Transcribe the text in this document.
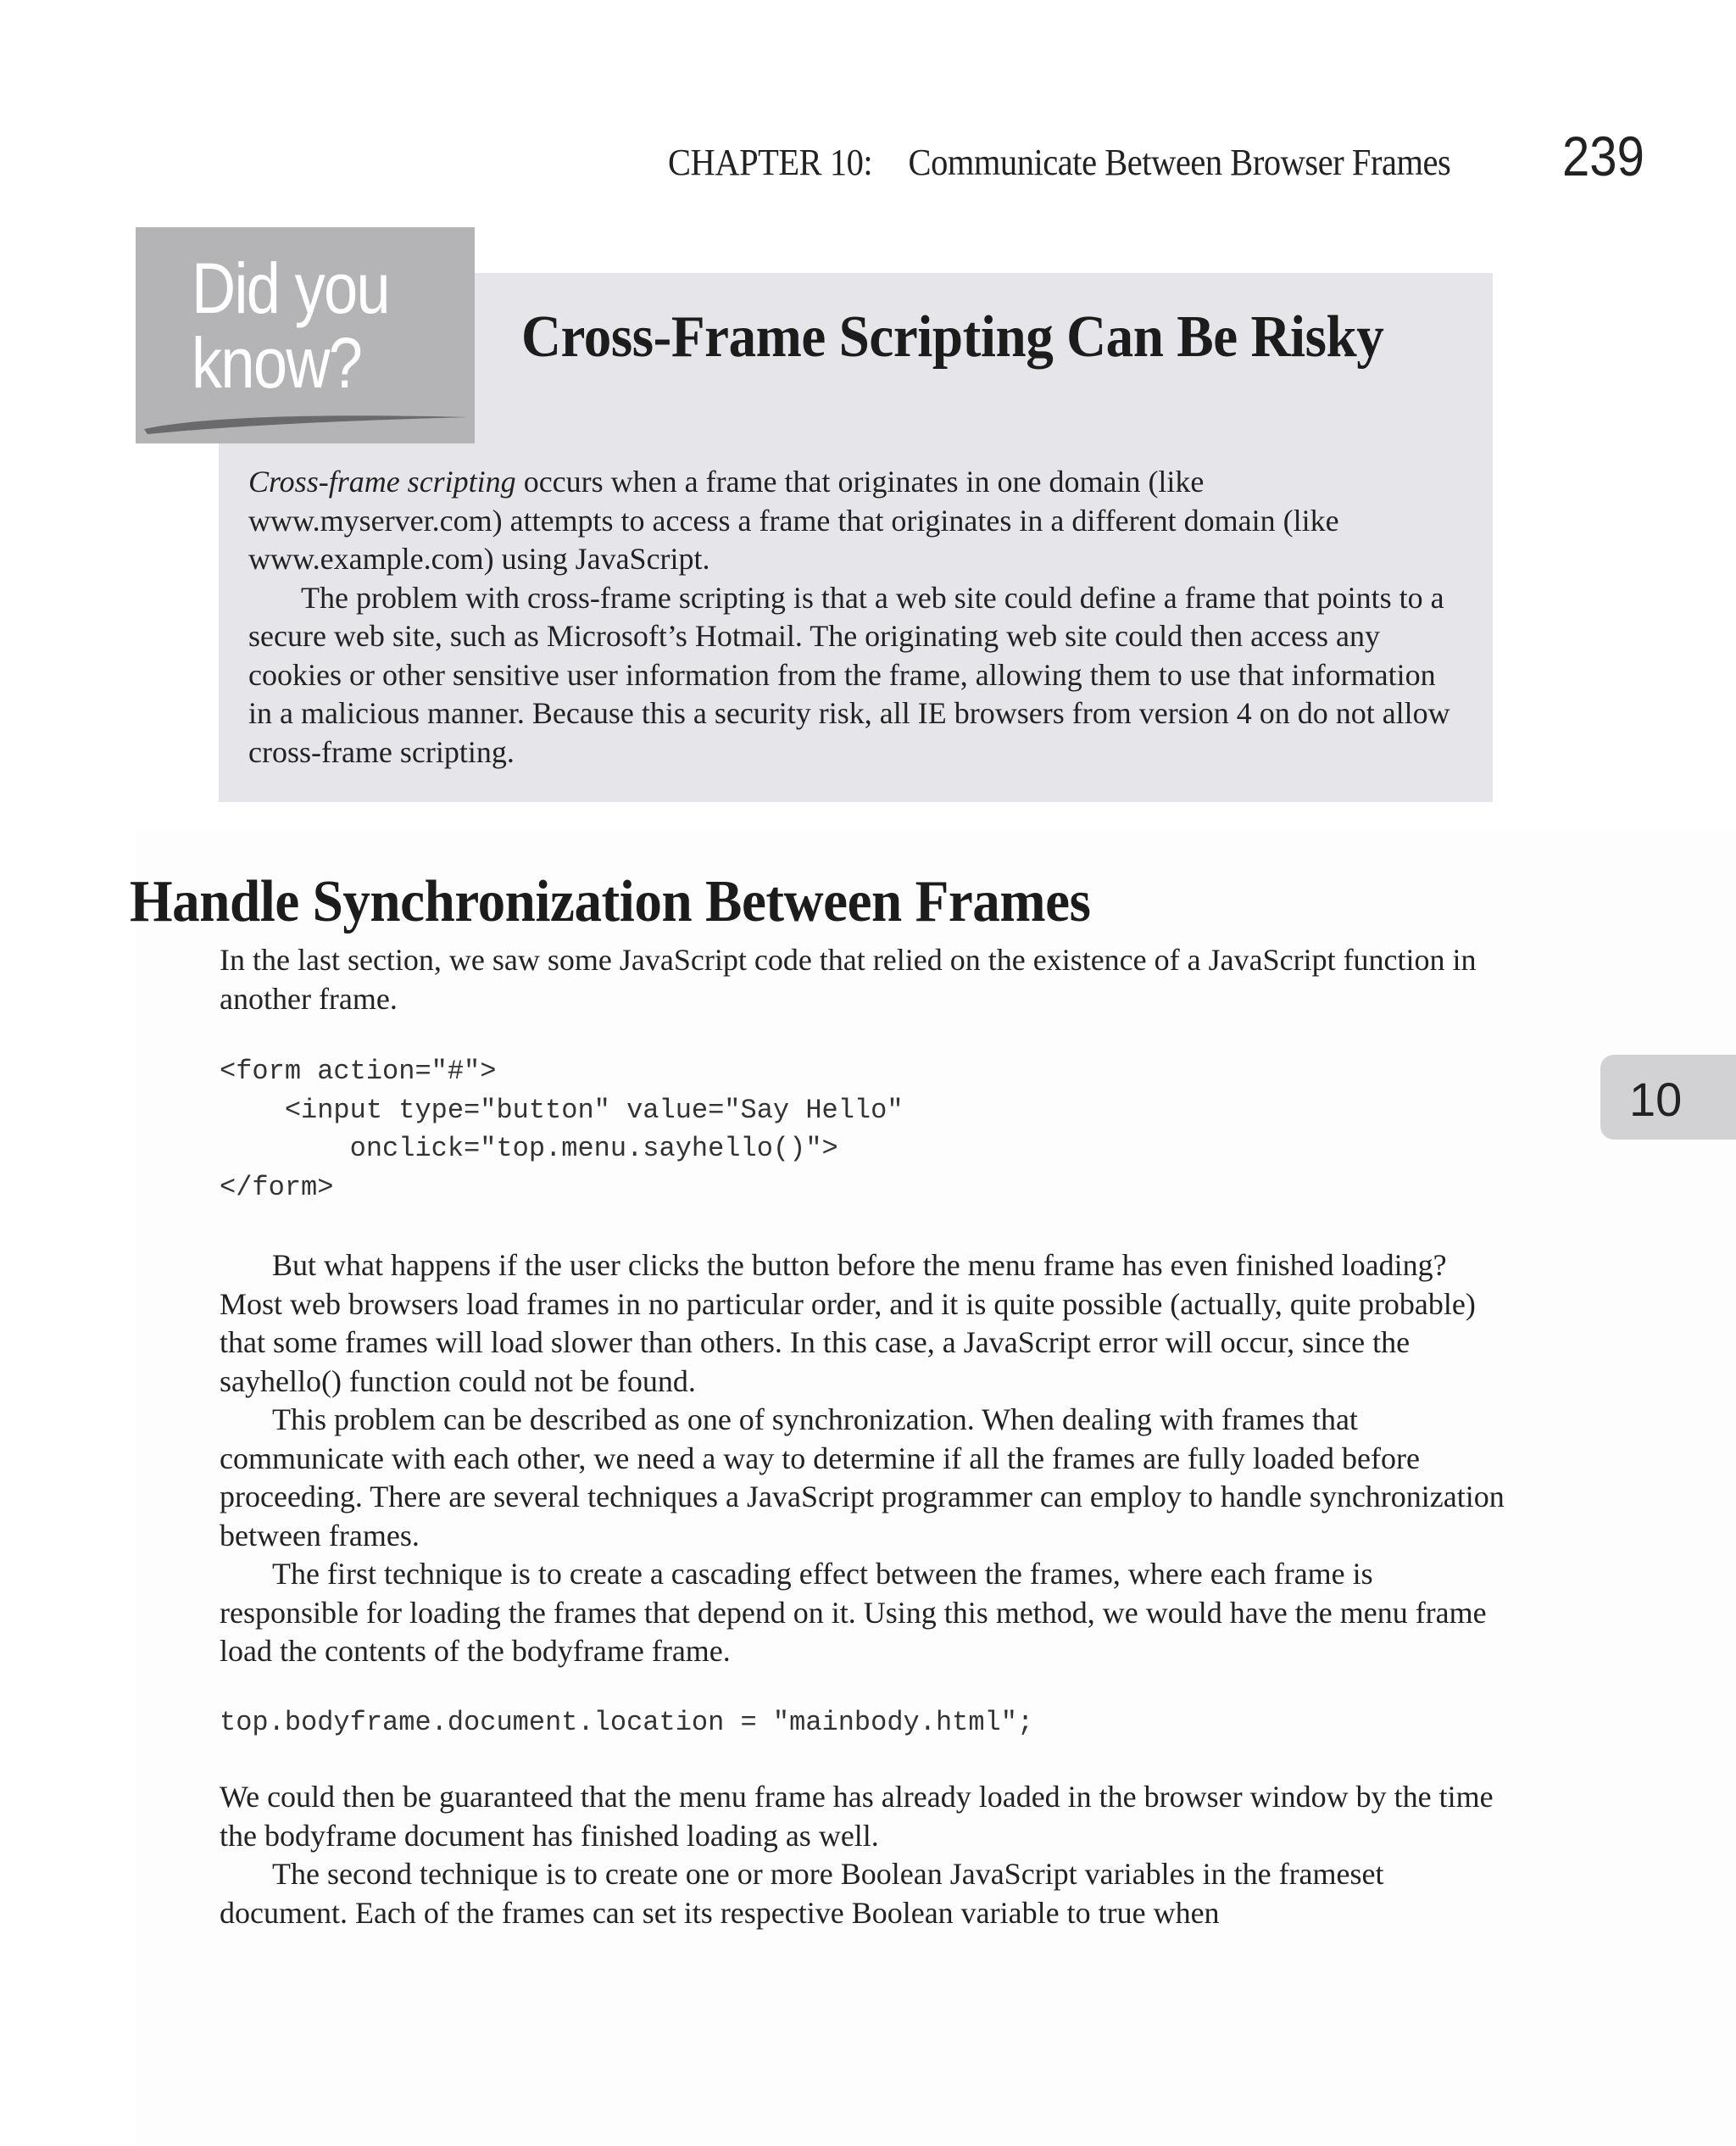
CHAPTER 10: Communicate Between Browser Frames 239
Did you
know?	Cross-Frame Scripting Can Be Risky

Cross-frame scripting occurs when a frame that originates in one domain (like www.myserver.com) attempts to access a frame that originates in a different domain (like www.example.com) using JavaScript.

The problem with cross-frame scripting is that a web site could define a frame that points to a secure web site, such as Microsoft’s Hotmail. The originating web site could then access any cookies or other sensitive user information from the frame, allowing them to use that information in a malicious manner. Because this a security risk, all IE browsers from version 4 on do not allow cross-frame scripting.

Handle Synchronization Between Frames

In the last section, we saw some JavaScript code that relied on the existence of a JavaScript function in another frame.

<form action="#">
<input type="button" value="Say Hello"
onclick="top.menu.sayhello()">
</form>

But what happens if the user clicks the button before the menu frame has even finished loading? Most web browsers load frames in no particular order, and it is quite possible (actually, quite probable) that some frames will load slower than others. In this case, a JavaScript error will occur, since the sayhello() function could not be found.

This problem can be described as one of synchronization. When dealing with frames that communicate with each other, we need a way to determine if all the frames are fully loaded before proceeding. There are several techniques a JavaScript programmer can employ to handle synchronization between frames.

The first technique is to create a cascading effect between the frames, where each frame is responsible for loading the frames that depend on it. Using this method, we would have the menu frame load the contents of the bodyframe frame.

top.bodyframe.document.location = "mainbody.html";

We could then be guaranteed that the menu frame has already loaded in the browser window by the time the bodyframe document has finished loading as well.

The second technique is to create one or more Boolean JavaScript variables in the frameset document. Each of the frames can set its respective Boolean variable to true when

10
